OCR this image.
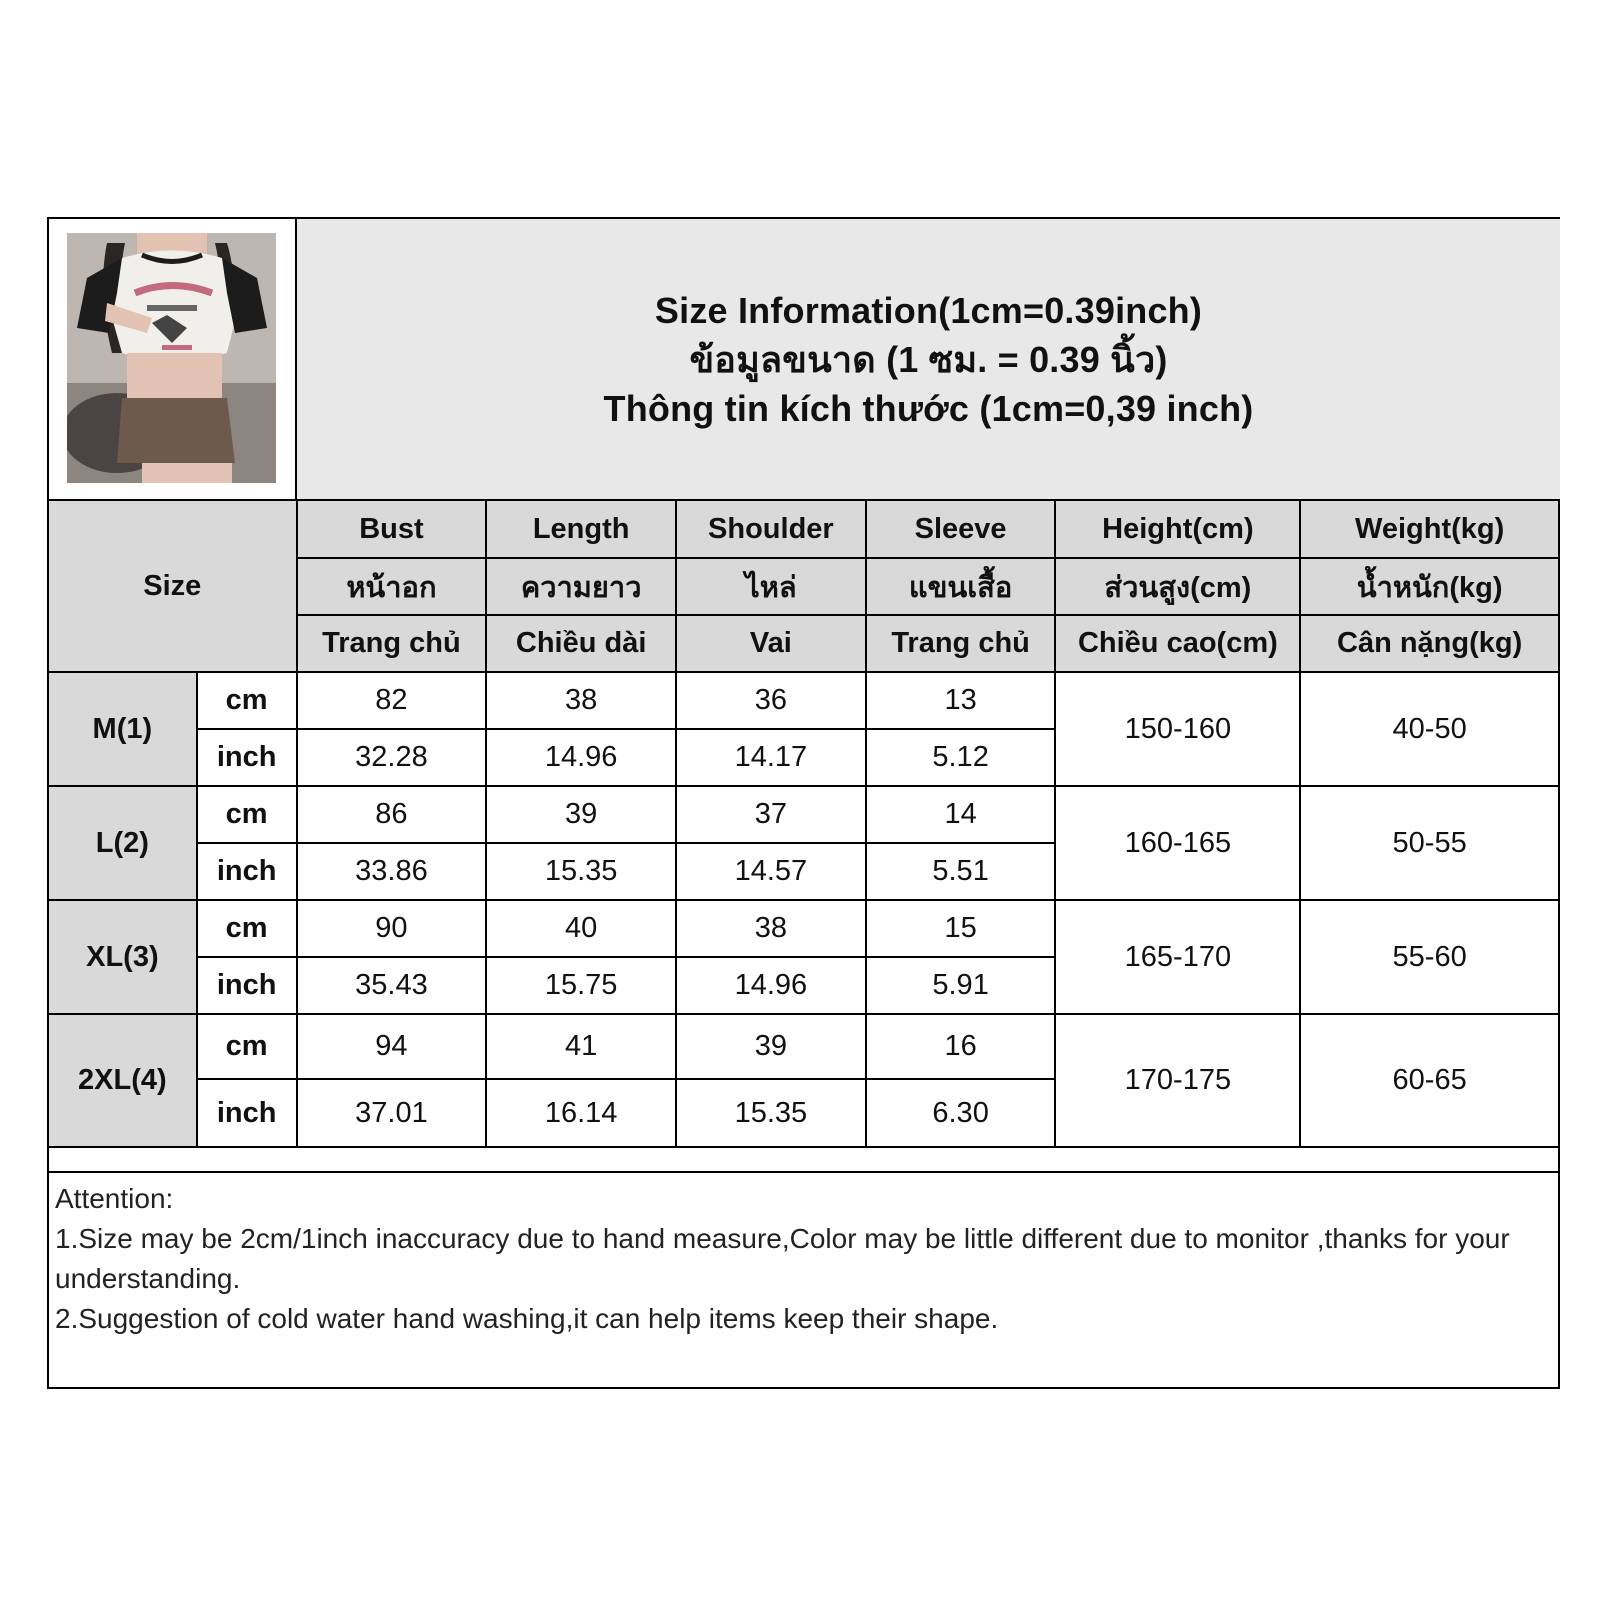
Size Information(1cm=0.39inch)
ข้อมูลขนาด (1 ซม. = 0.39 นิ้ว)
Thông tin kích thước (1cm=0,39 inch)
Size		Bust	Length	Shoulder	Sleeve	Height(cm)	Weight(kg)
		หน้าอก	ความยาว	ไหล่	แขนเสื้อ	ส่วนสูง(cm)	น้ำหนัก(kg)
		Trang chủ	Chiều dài	Vai	Trang chủ	Chiều cao(cm)	Cân nặng(kg)
M(1)	cm	82	38	36	13	150-160	40-50
	inch	32.28	14.96	14.17	5.12		
L(2)	cm	86	39	37	14	160-165	50-55
	inch	33.86	15.35	14.57	5.51		
XL(3)	cm	90	40	38	15	165-170	55-60
	inch	35.43	15.75	14.96	5.91		
2XL(4)	cm	94	41	39	16	170-175	60-65
	inch	37.01	16.14	15.35	6.30		
Attention:
1.Size may be 2cm/1inch inaccuracy due to hand measure,Color may be little different due to monitor ,thanks for your understanding.
2.Suggestion of cold water hand washing,it can help items keep their shape.
